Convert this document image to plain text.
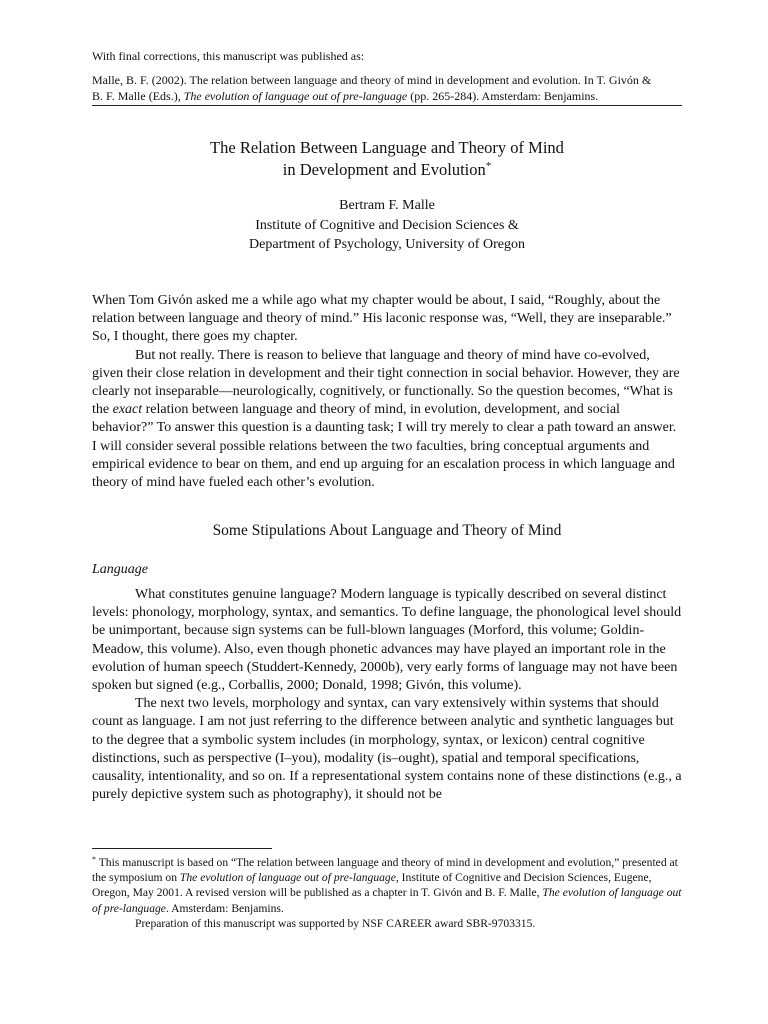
With final corrections, this manuscript was published as:
Malle, B. F. (2002). The relation between language and theory of mind in development and evolution. In T. Givón &
B. F. Malle (Eds.), The evolution of language out of pre-language (pp. 265-284). Amsterdam: Benjamins.
The Relation Between Language and Theory of Mind
in Development and Evolution*
Bertram F. Malle
Institute of Cognitive and Decision Sciences &
Department of Psychology, University of Oregon

When Tom Givón asked me a while ago what my chapter would be about, I said, “Roughly, about the relation between language and theory of mind.” His laconic response was, “Well, they are inseparable.” So, I thought, there goes my chapter.

But not really. There is reason to believe that language and theory of mind have co-evolved, given their close relation in development and their tight connection in social behavior. However, they are clearly not inseparable—neurologically, cognitively, or functionally. So the question becomes, “What is the exact relation between language and theory of mind, in evolution, development, and social behavior?” To answer this question is a daunting task; I will try merely to clear a path toward an answer. I will consider several possible relations between the two faculties, bring conceptual arguments and empirical evidence to bear on them, and end up arguing for an escalation process in which language and theory of mind have fueled each other’s evolution.

Some Stipulations About Language and Theory of Mind
Language

What constitutes genuine language? Modern language is typically described on several distinct levels: phonology, morphology, syntax, and semantics. To define language, the phonological level should be unimportant, because sign systems can be full-blown languages (Morford, this volume; Goldin-Meadow, this volume). Also, even though phonetic advances may have played an important role in the evolution of human speech (Studdert-Kennedy, 2000b), very early forms of language may not have been spoken but signed (e.g., Corballis, 2000; Donald, 1998; Givón, this volume).

The next two levels, morphology and syntax, can vary extensively within systems that should count as language. I am not just referring to the difference between analytic and synthetic languages but to the degree that a symbolic system includes (in morphology, syntax, or lexicon) central cognitive distinctions, such as perspective (I–you), modality (is–ought), spatial and temporal specifications, causality, intentionality, and so on. If a representational system contains none of these distinctions (e.g., a purely depictive system such as photography), it should not be

* This manuscript is based on “The relation between language and theory of mind in development and evolution,” presented at the symposium on The evolution of language out of pre-language, Institute of Cognitive and Decision Sciences, Eugene, Oregon, May 2001. A revised version will be published as a chapter in T. Givón and B. F. Malle, The evolution of language out of pre-language. Amsterdam: Benjamins.

Preparation of this manuscript was supported by NSF CAREER award SBR-9703315.
